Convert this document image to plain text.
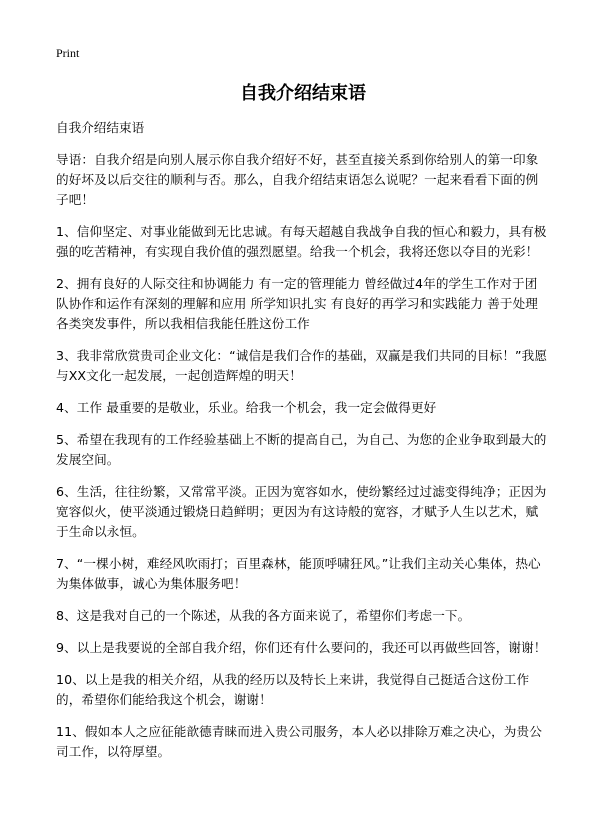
Print
自我介绍结束语
自我介绍结束语
导语：自我介绍是向别人展示你自我介绍好不好，甚至直接关系到你给别人的第一印象的好坏及以后交往的顺利与否。那么，自我介绍结束语怎么说呢？一起来看看下面的例子吧！
1、信仰坚定、对事业能做到无比忠诚。有每天超越自我战争自我的恒心和毅力，具有极强的吃苦精神，有实现自我价值的强烈愿望。给我一个机会，我将还您以夺目的光彩！
2、拥有良好的人际交往和协调能力 有一定的管理能力 曾经做过4年的学生工作对于团队协作和运作有深刻的理解和应用 所学知识扎实 有良好的再学习和实践能力 善于处理各类突发事件，所以我相信我能任胜这份工作
3、我非常欣赏贵司企业文化：“诚信是我们合作的基础，双赢是我们共同的目标！”我愿与XX文化一起发展，一起创造辉煌的明天！
4、工作 最重要的是敬业，乐业。给我一个机会，我一定会做得更好
5、希望在我现有的工作经验基础上不断的提高自己，为自己、为您的企业争取到最大的发展空间。
6、生活，往往纷繁，又常常平淡。正因为宽容如水，使纷繁经过过滤变得纯净；正因为宽容似火，使平淡通过锻烧日趋鲜明；更因为有这诗般的宽容，才赋予人生以艺术，赋于生命以永恒。
7、“一棵小树，难经风吹雨打；百里森林，能顶呼啸狂风。”让我们主动关心集体，热心为集体做事，诚心为集体服务吧！
8、这是我对自己的一个陈述，从我的各方面来说了，希望你们考虑一下。
9、以上是我要说的全部自我介绍，你们还有什么要问的，我还可以再做些回答，谢谢！
10、以上是我的相关介绍，从我的经历以及特长上来讲，我觉得自己挺适合这份工作的，希望你们能给我这个机会，谢谢！
11、假如本人之应征能歆德青睐而进入贵公司服务，本人必以排除万难之决心，为贵公司工作，以符厚望。
